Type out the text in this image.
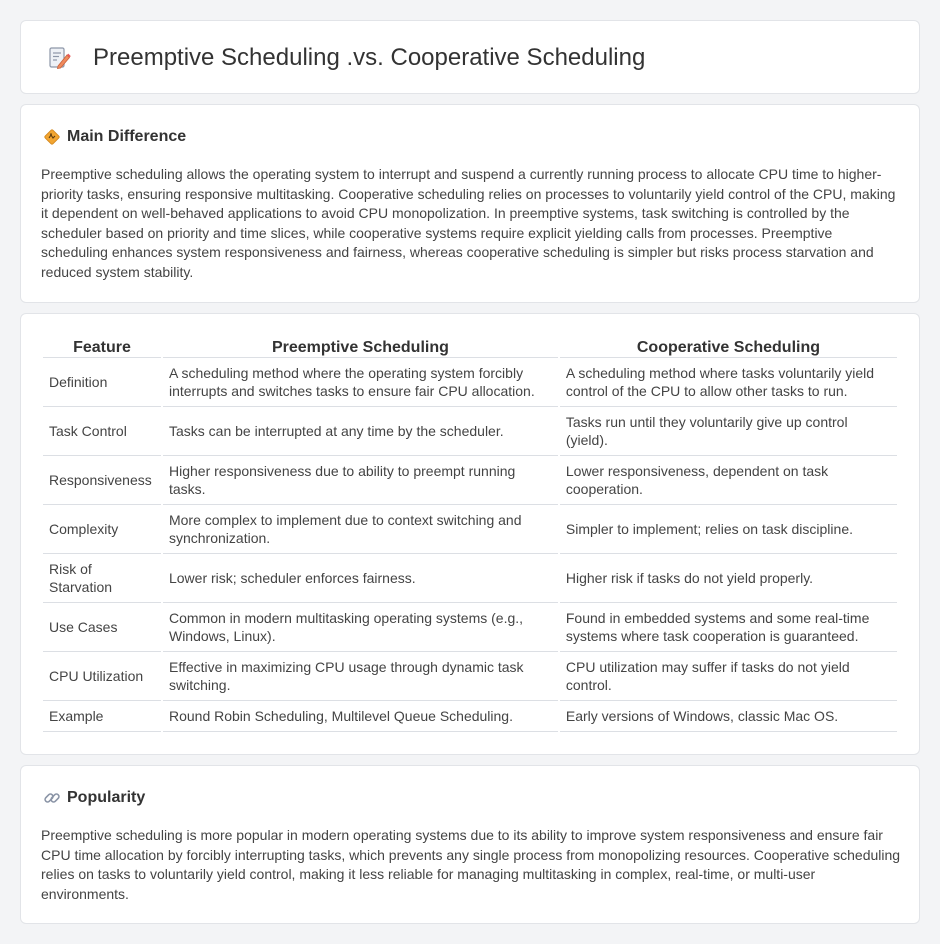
Preemptive Scheduling .vs. Cooperative Scheduling
Main Difference

Preemptive scheduling allows the operating system to interrupt and suspend a currently running process to allocate CPU time to higher-priority tasks, ensuring responsive multitasking. Cooperative scheduling relies on processes to voluntarily yield control of the CPU, making it dependent on well-behaved applications to avoid CPU monopolization. In preemptive systems, task switching is controlled by the scheduler based on priority and time slices, while cooperative systems require explicit yielding calls from processes. Preemptive scheduling enhances system responsiveness and fairness, whereas cooperative scheduling is simpler but risks process starvation and reduced system stability.

Feature	Preemptive Scheduling	Cooperative Scheduling
Definition	A scheduling method where the operating system forcibly interrupts and switches tasks to ensure fair CPU allocation.	A scheduling method where tasks voluntarily yield control of the CPU to allow other tasks to run.
Task Control	Tasks can be interrupted at any time by the scheduler.	Tasks run until they voluntarily give up control (yield).
Responsiveness	Higher responsiveness due to ability to preempt running tasks.	Lower responsiveness, dependent on task cooperation.
Complexity	More complex to implement due to context switching and synchronization.	Simpler to implement; relies on task discipline.
Risk of Starvation	Lower risk; scheduler enforces fairness.	Higher risk if tasks do not yield properly.
Use Cases	Common in modern multitasking operating systems (e.g., Windows, Linux).	Found in embedded systems and some real-time systems where task cooperation is guaranteed.
CPU Utilization	Effective in maximizing CPU usage through dynamic task switching.	CPU utilization may suffer if tasks do not yield control.
Example	Round Robin Scheduling, Multilevel Queue Scheduling.	Early versions of Windows, classic Mac OS.
Popularity

Preemptive scheduling is more popular in modern operating systems due to its ability to improve system responsiveness and ensure fair CPU time allocation by forcibly interrupting tasks, which prevents any single process from monopolizing resources. Cooperative scheduling relies on tasks to voluntarily yield control, making it less reliable for managing multitasking in complex, real-time, or multi-user environments.
